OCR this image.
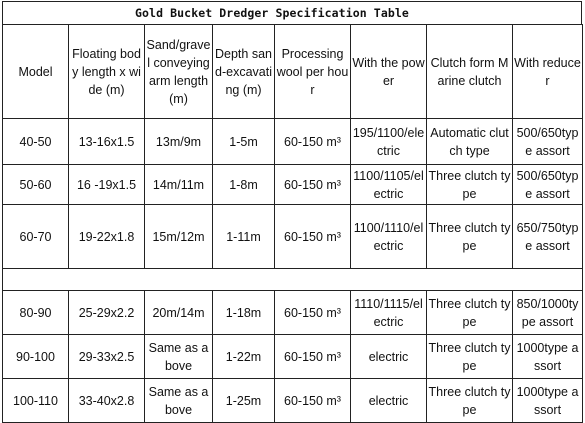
Gold Bucket Dredger Specification Table
Model	Floating body length x wide (m)	Sand/gravel conveying arm length (m)	Depth sand-excavating (m)	Processing wool per hour	With the power	Clutch form Marine clutch	With reducer
40-50	13-16x1.5	13m/9m	1-5m	60-150 m³	195/1100/electric	Automatic clutch type	500/650type assort
50-60	16 -19x1.5	14m/11m	1-8m	60-150 m³	1100/1105/electric	Three clutch type	500/650type assort
60-70	19-22x1.8	15m/12m	1-11m	60-150 m³	1100/1110/electric	Three clutch type	650/750type assort

80-90	25-29x2.2	20m/14m	1-18m	60-150 m³	1110/1115/electric	Three clutch type	850/1000type assort
90-100	29-33x2.5	Same as above	1-22m	60-150 m³	electric	Three clutch type	1000type assort
100-110	33-40x2.8	Same as above	1-25m	60-150 m³	electric	Three clutch type	1000type assort
